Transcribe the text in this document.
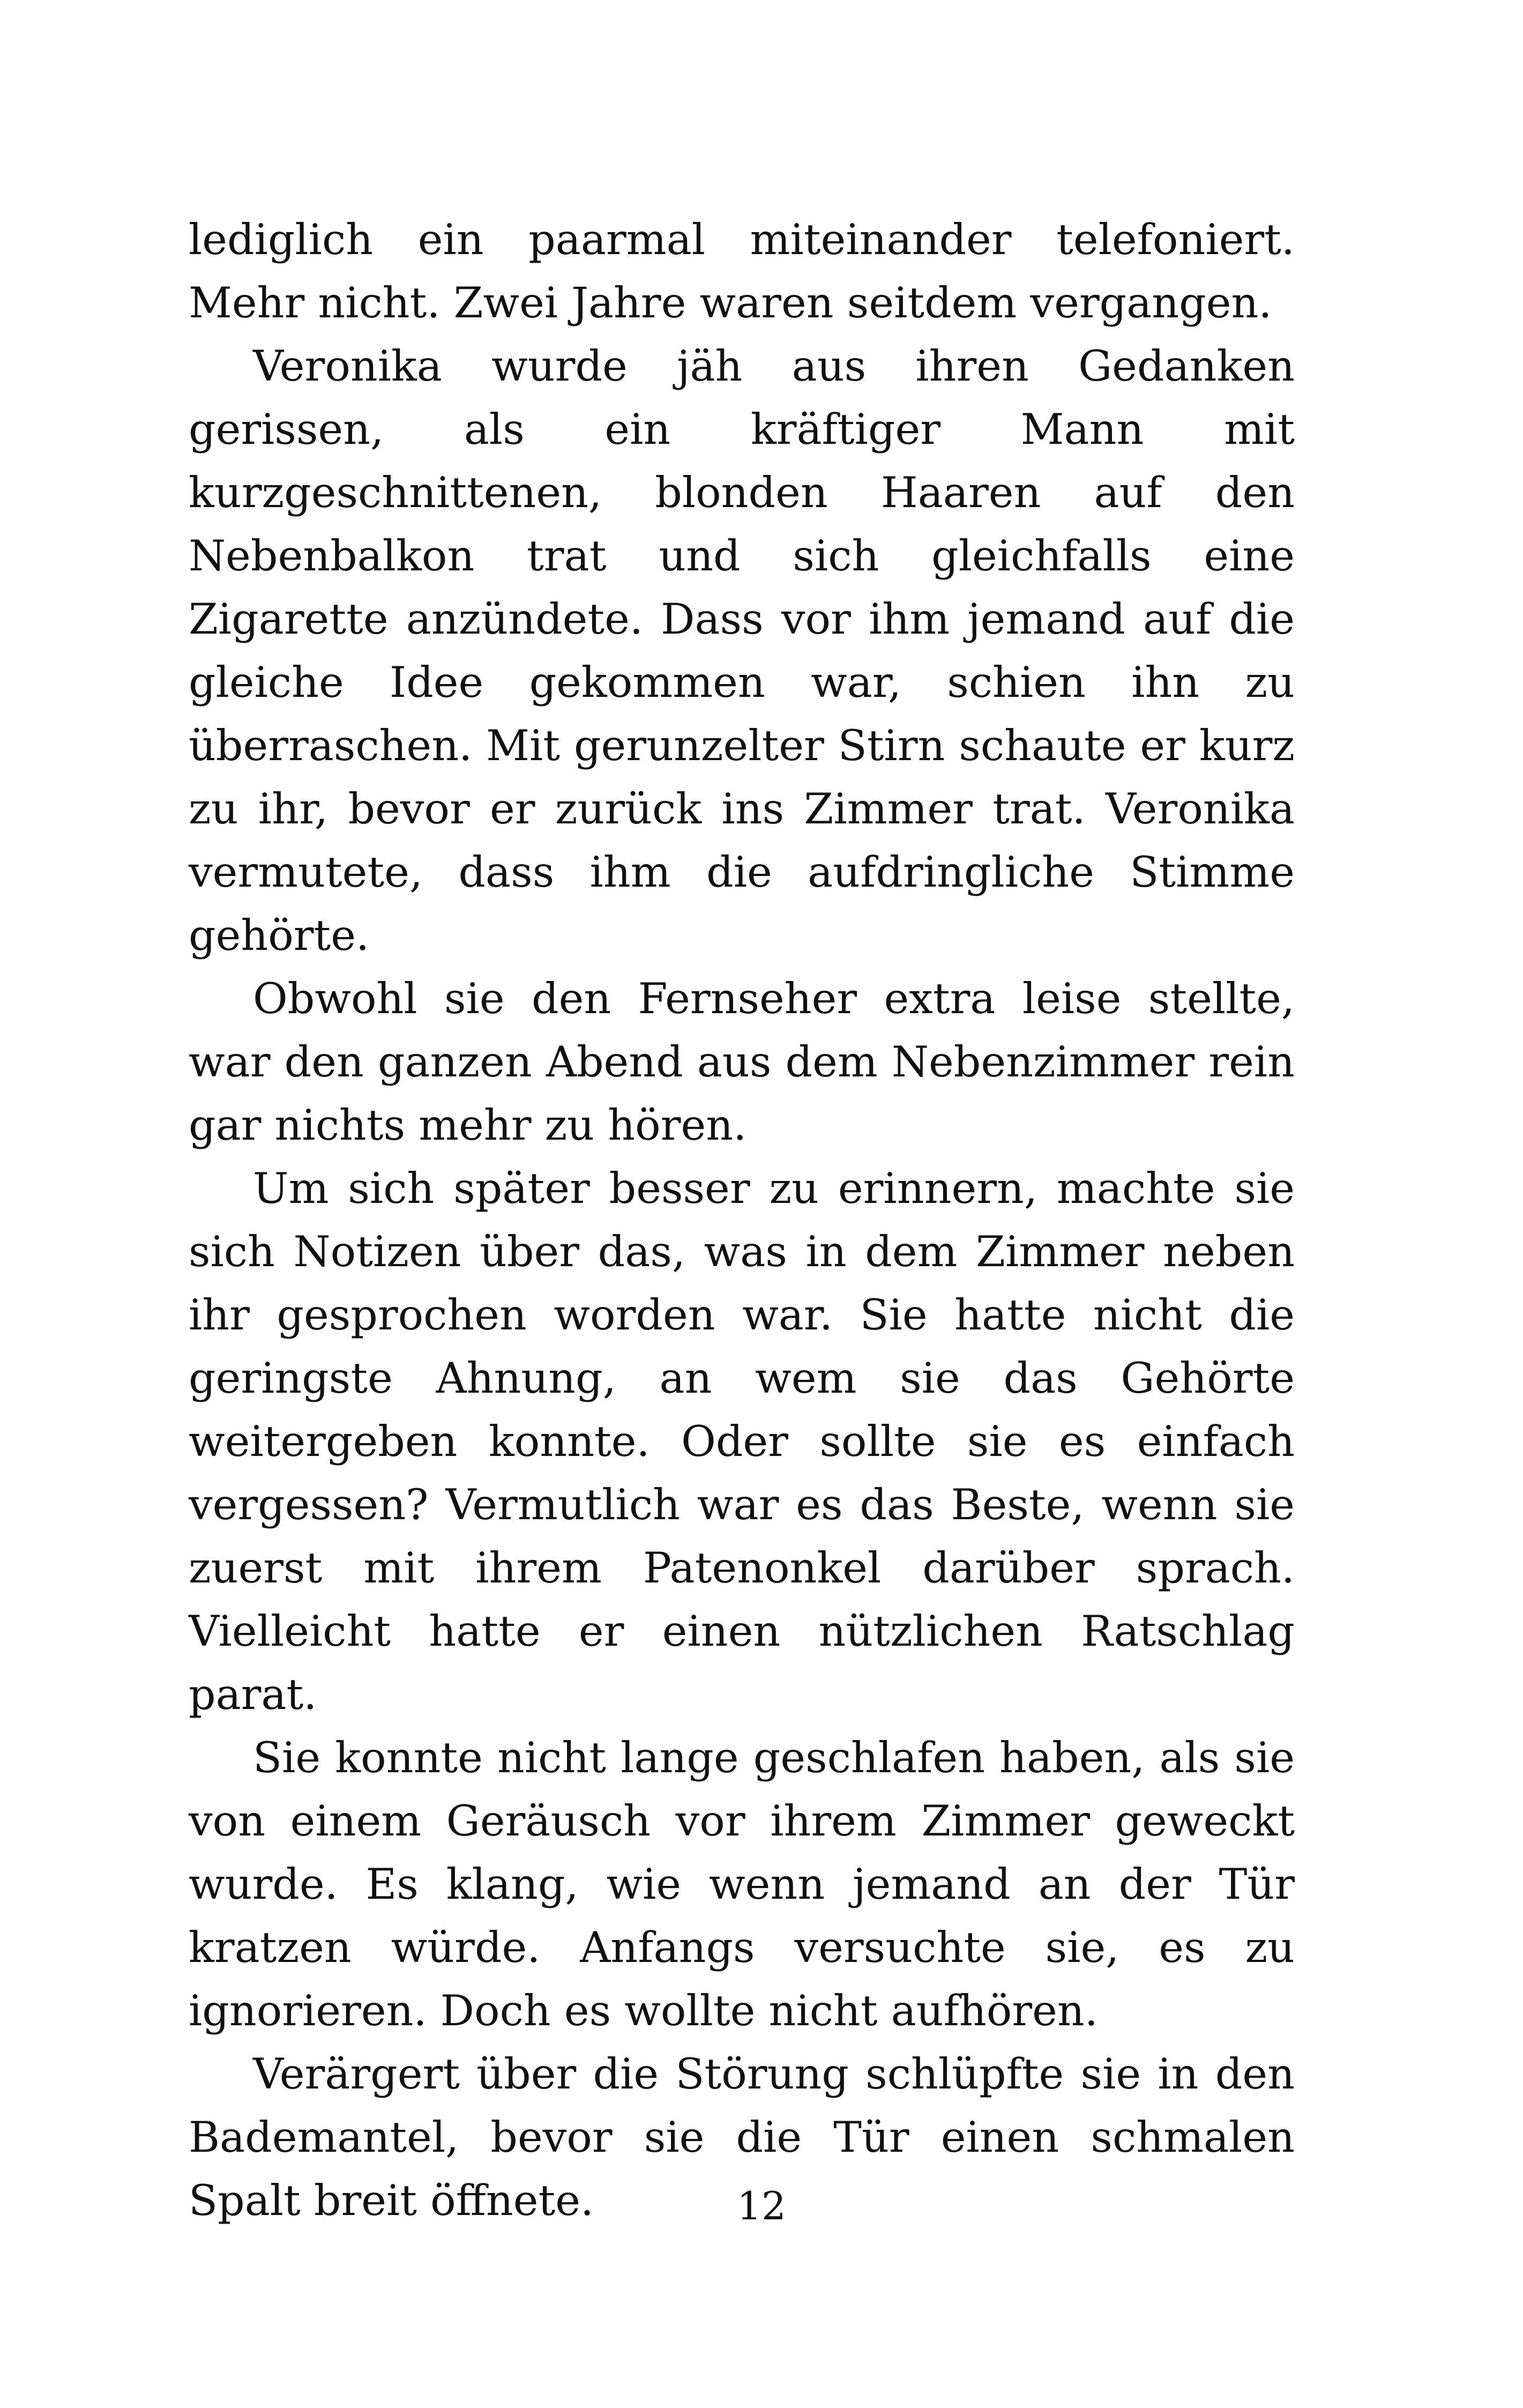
lediglich ein paarmal miteinander telefoniert. Mehr nicht. Zwei Jahre waren seitdem vergangen.

Veronika wurde jäh aus ihren Gedanken gerissen, als ein kräftiger Mann mit kurzgeschnittenen, blonden Haaren auf den Nebenbalkon trat und sich gleichfalls eine Zigarette anzündete. Dass vor ihm jemand auf die gleiche Idee gekommen war, schien ihn zu überraschen. Mit gerunzelter Stirn schaute er kurz zu ihr, bevor er zurück ins Zimmer trat. Veronika vermutete, dass ihm die aufdringliche Stimme gehörte.

Obwohl sie den Fernseher extra leise stellte, war den ganzen Abend aus dem Nebenzimmer rein gar nichts mehr zu hören.

Um sich später besser zu erinnern, machte sie sich Notizen über das, was in dem Zimmer neben ihr gesprochen worden war. Sie hatte nicht die geringste Ahnung, an wem sie das Gehörte weitergeben konnte. Oder sollte sie es einfach vergessen? Vermutlich war es das Beste, wenn sie zuerst mit ihrem Patenonkel darüber sprach. Vielleicht hatte er einen nützlichen Ratschlag parat.

Sie konnte nicht lange geschlafen haben, als sie von einem Geräusch vor ihrem Zimmer geweckt wurde. Es klang, wie wenn jemand an der Tür kratzen würde. Anfangs versuchte sie, es zu ignorieren. Doch es wollte nicht aufhören.

Verärgert über die Störung schlüpfte sie in den Bademantel, bevor sie die Tür einen schmalen Spalt breit öffnete.	12
